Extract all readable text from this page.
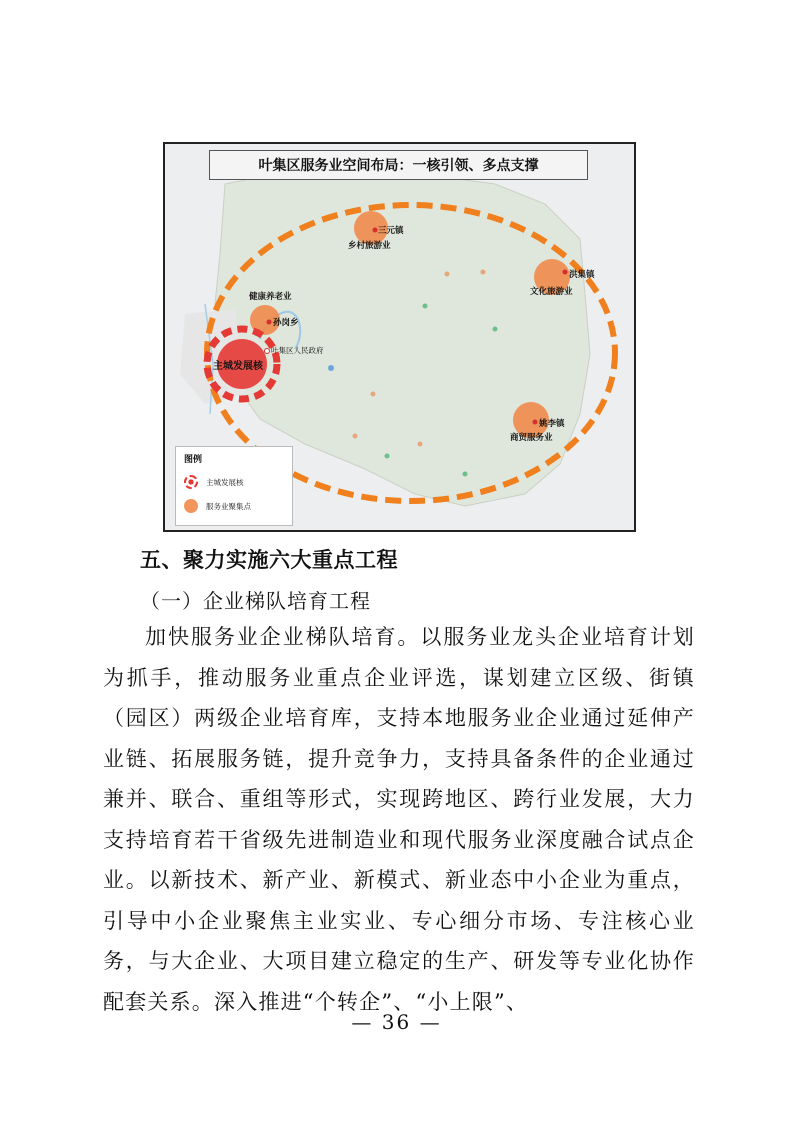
叶集区服务业空间布局：一核引领、多点支撑
三元镇
乡村旅游业
洪集镇
文化旅游业
健康养老业
孙岗乡
叶集区人民政府
姚李镇
商贸服务业
主城发展核
图例
主城发展核
服务业聚集点
五、聚力实施六大重点工程
（一）企业梯队培育工程
加快服务业企业梯队培育。以服务业龙头企业培育计划为抓手，推动服务业重点企业评选，谋划建立区级、街镇（园区）两级企业培育库，支持本地服务业企业通过延伸产业链、拓展服务链，提升竞争力，支持具备条件的企业通过兼并、联合、重组等形式，实现跨地区、跨行业发展，大力支持培育若干省级先进制造业和现代服务业深度融合试点企业。以新技术、新产业、新模式、新业态中小企业为重点，引导中小企业聚焦主业实业、专心细分市场、专注核心业务，与大企业、大项目建立稳定的生产、研发等专业化协作配套关系。深入推进“个转企”、“小上限”、
— 36 —
